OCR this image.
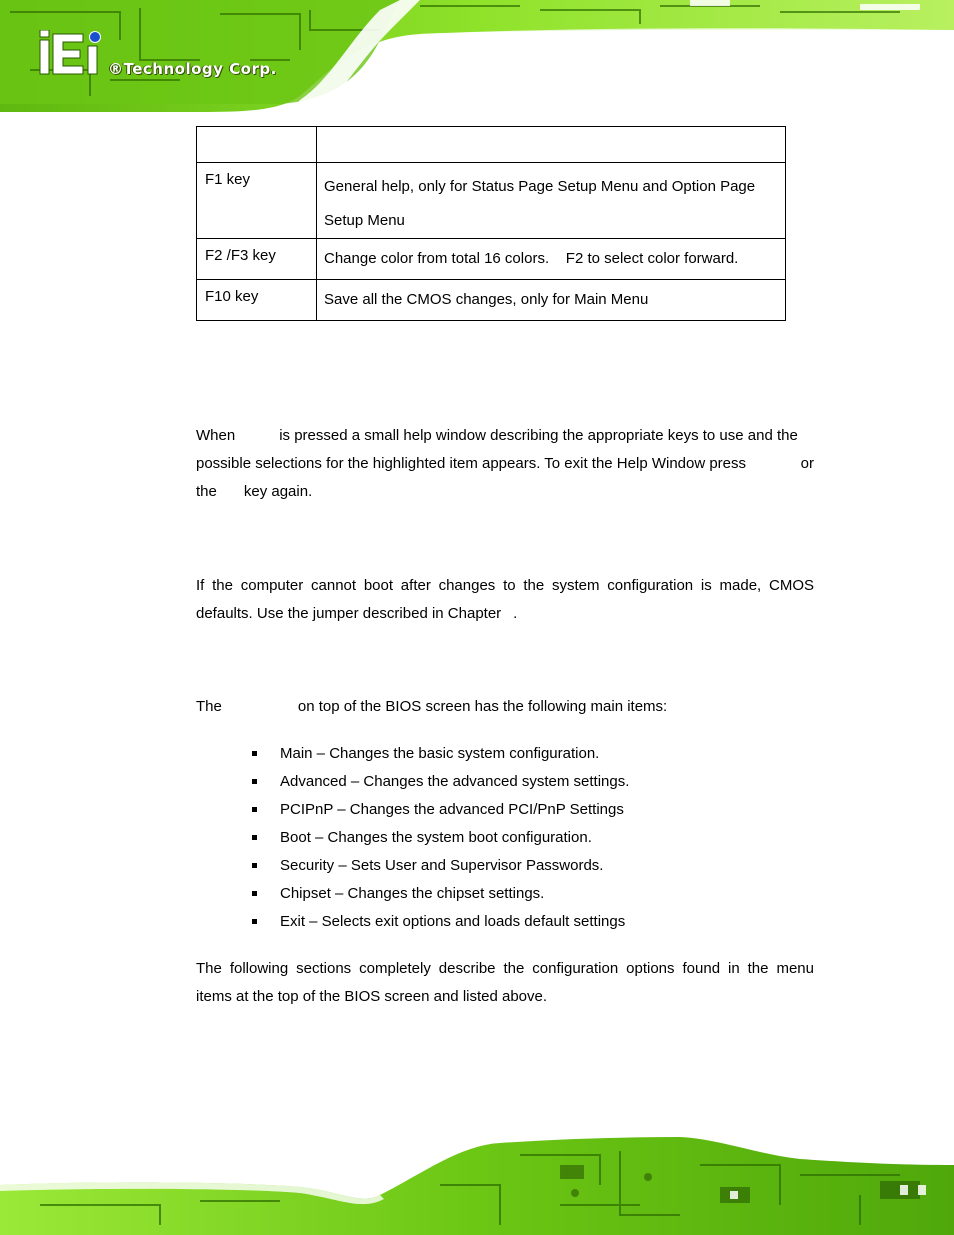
®Technology Corp.

F1 key	General help, only for Status Page Setup Menu and Option Page
Setup Menu

F2 /F3 key	Change color from total 16 colors.    F2 to select color forward.

F10 key	Save all the CMOS changes, only for Main Menu
When	is pressed a small help window describing the appropriate keys to use and the
possible selections for the highlighted item appears. To exit the Help Window press	or
the key again.
If the computer cannot boot after changes to the system configuration is made, CMOS
defaults. Use the jumper described in Chapter .
The	on top of the BIOS screen has the following main items:
Main – Changes the basic system configuration.
Advanced – Changes the advanced system settings.
PCIPnP – Changes the advanced PCI/PnP Settings
Boot – Changes the system boot configuration.
Security – Sets User and Supervisor Passwords.
Chipset – Changes the chipset settings.
Exit – Selects exit options and loads default settings
The following sections completely describe the configuration options found in the menu
items at the top of the BIOS screen and listed above.
